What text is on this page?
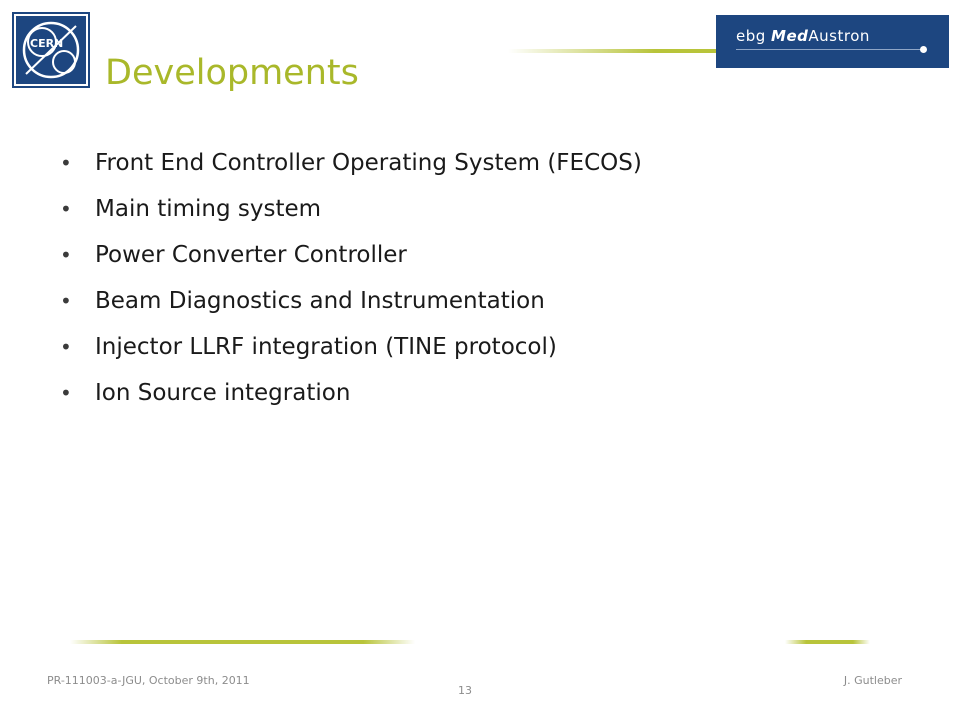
CERN	ebg MedAustron
Developments
• Front End Controller Operating System (FECOS)
• Main timing system
• Power Converter Controller
• Beam Diagnostics and Instrumentation
• Injector LLRF integration (TINE protocol)
• Ion Source integration
PR-111003-a-JGU, October 9th, 2011	J. Gutleber
13
